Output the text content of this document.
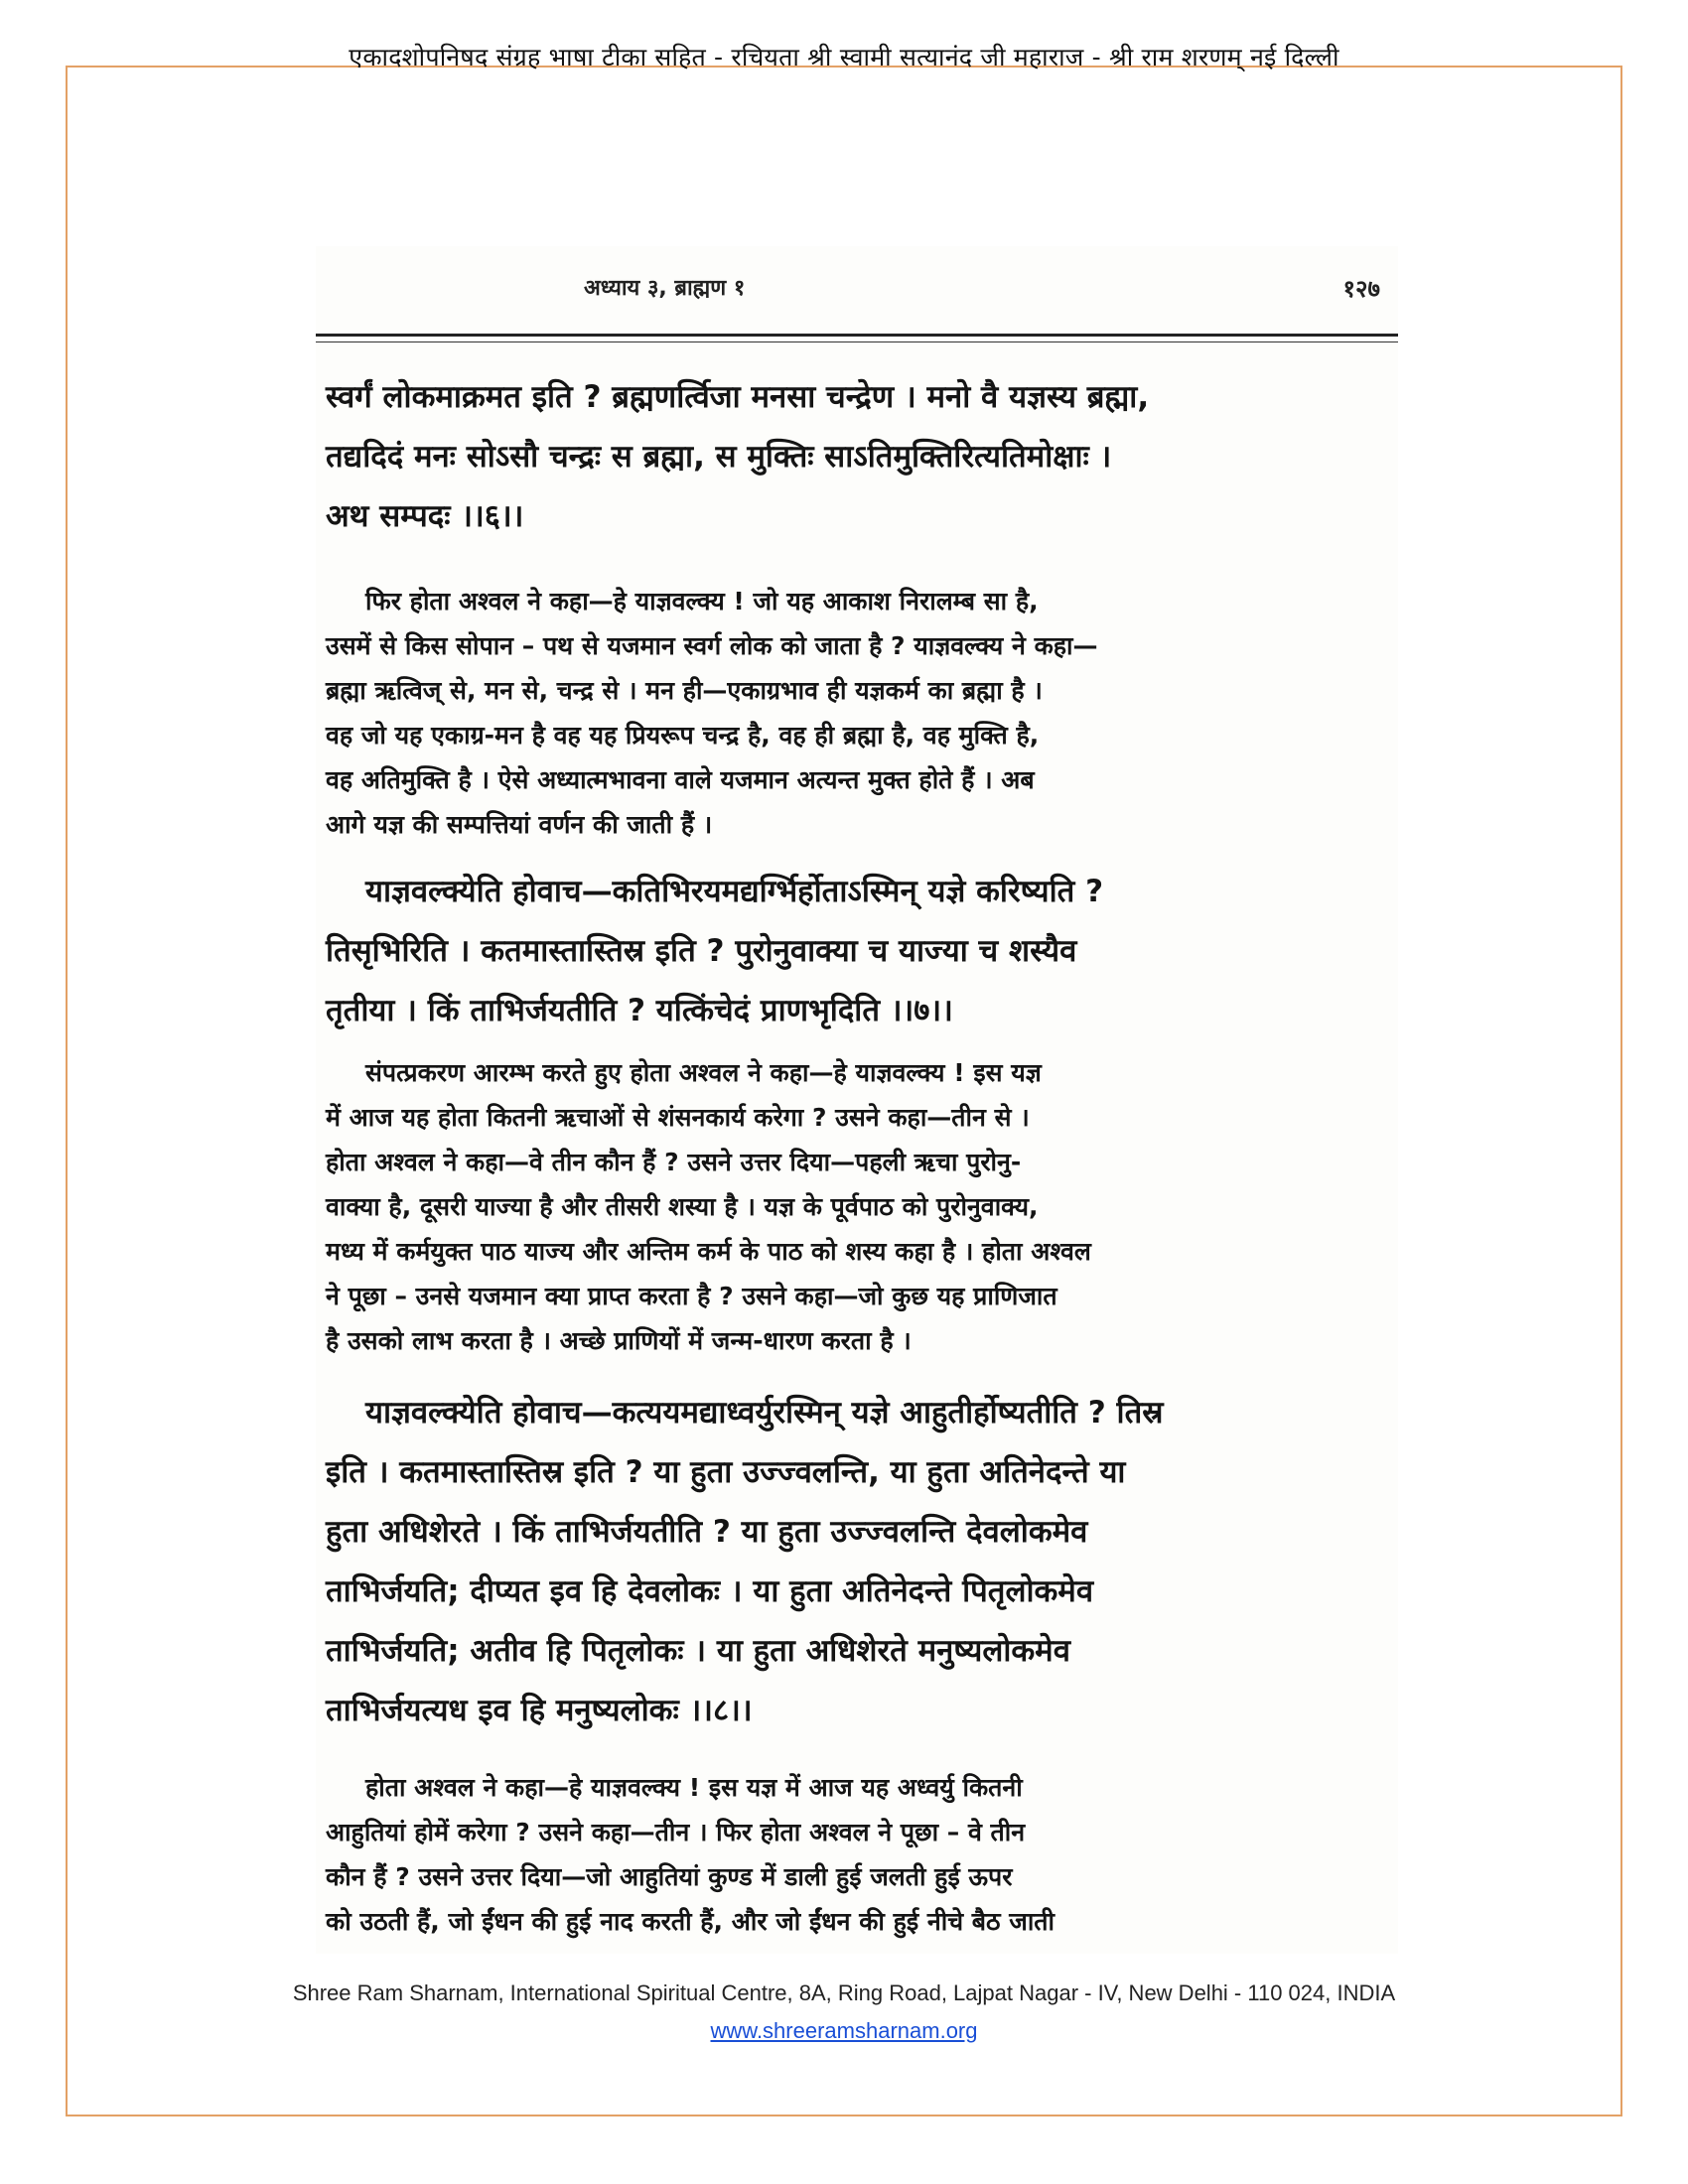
एकादशोपनिषद संग्रह भाषा टीका सहित - रचियता श्री स्वामी सत्यानंद जी महाराज - श्री राम शरणम् नई दिल्ली
अध्याय ३, ब्राह्मण १	१२७
स्वर्गं लोकमाक्रमत इति ? ब्रह्मणर्त्विजा मनसा चन्द्रेण । मनो वै यज्ञस्य ब्रह्मा,
तद्यदिदं मनः सोऽसौ चन्द्रः स ब्रह्मा, स मुक्तिः साऽतिमुक्तिरित्यतिमोक्षाः ।
अथ सम्पदः ।।६।।
फिर होता अश्वल ने कहा—हे याज्ञवल्क्य ! जो यह आकाश निरालम्ब सा है,
उसमें से किस सोपान – पथ से यजमान स्वर्ग लोक को जाता है ? याज्ञवल्क्य ने कहा—
ब्रह्मा ऋत्विज् से, मन से, चन्द्र से । मन ही—एकाग्रभाव ही यज्ञकर्म का ब्रह्मा है ।
वह जो यह एकाग्र-मन है वह यह प्रियरूप चन्द्र है, वह ही ब्रह्मा है, वह मुक्ति है,
वह अतिमुक्ति है । ऐसे अध्यात्मभावना वाले यजमान अत्यन्त मुक्त होते हैं । अब
आगे यज्ञ की सम्पत्तियां वर्णन की जाती हैं ।
याज्ञवल्क्येति होवाच—कतिभिरयमद्यर्ग्भिर्होताऽस्मिन् यज्ञे करिष्यति ?
तिसृभिरिति । कतमास्तास्तिस्र इति ? पुरोनुवाक्या च याज्या च शस्यैव
तृतीया । किं ताभिर्जयतीति ? यत्किंचेदं प्राणभृदिति ।।७।।
संपत्प्रकरण आरम्भ करते हुए होता अश्वल ने कहा—हे याज्ञवल्क्य ! इस यज्ञ
में आज यह होता कितनी ऋचाओं से शंसनकार्य करेगा ? उसने कहा—तीन से ।
होता अश्वल ने कहा—वे तीन कौन हैं ? उसने उत्तर दिया—पहली ऋचा पुरोनु-
वाक्या है, दूसरी याज्या है और तीसरी शस्या है । यज्ञ के पूर्वपाठ को पुरोनुवाक्य,
मध्य में कर्मयुक्त पाठ याज्य और अन्तिम कर्म के पाठ को शस्य कहा है । होता अश्वल
ने पूछा – उनसे यजमान क्या प्राप्त करता है ? उसने कहा—जो कुछ यह प्राणिजात
है उसको लाभ करता है । अच्छे प्राणियों में जन्म-धारण करता है ।
याज्ञवल्क्येति होवाच—कत्ययमद्याध्वर्युरस्मिन् यज्ञे आहुतीर्होष्यतीति ? तिस्र
इति । कतमास्तास्तिस्र इति ? या हुता उज्ज्वलन्ति, या हुता अतिनेदन्ते या
हुता अधिशेरते । किं ताभिर्जयतीति ? या हुता उज्ज्वलन्ति देवलोकमेव
ताभिर्जयति; दीप्यत इव हि देवलोकः । या हुता अतिनेदन्ते पितृलोकमेव
ताभिर्जयति; अतीव हि पितृलोकः । या हुता अधिशेरते मनुष्यलोकमेव
ताभिर्जयत्यध इव हि मनुष्यलोकः ।।८।।
होता अश्वल ने कहा—हे याज्ञवल्क्य ! इस यज्ञ में आज यह अध्वर्यु कितनी
आहुतियां होमें करेगा ? उसने कहा—तीन । फिर होता अश्वल ने पूछा – वे तीन
कौन हैं ? उसने उत्तर दिया—जो आहुतियां कुण्ड में डाली हुई जलती हुई ऊपर
को उठती हैं, जो ईंधन की हुई नाद करती हैं, और जो ईंधन की हुई नीचे बैठ जाती
Shree Ram Sharnam, International Spiritual Centre, 8A, Ring Road, Lajpat Nagar - IV, New Delhi - 110 024, INDIA
www.shreeramsharnam.org
